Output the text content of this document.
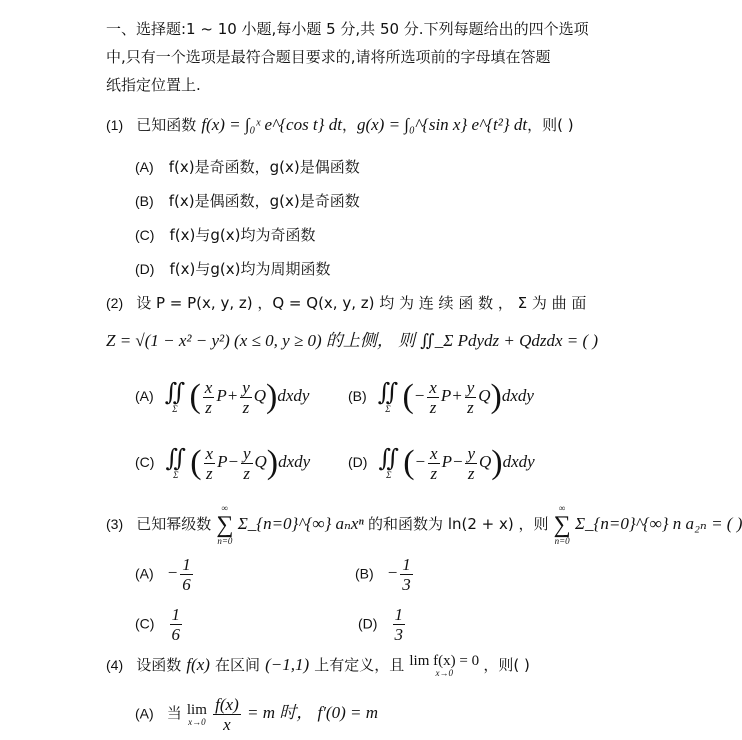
一、选择题:1 ~ 10 小题,每小题 5 分,共 50 分.下列每题给出的四个选项
中,只有一个选项是最符合题目要求的,请将所选项前的字母填在答题
纸指定位置上.
(1) 已知函数 f(x) = ∫₀ˣ e^{cos t} dt，g(x) = ∫₀^{sin x} e^{t²} dt，则( )
(A) f(x)是奇函数，g(x)是偶函数
(B) f(x)是偶函数，g(x)是奇函数
(C) f(x)与g(x)均为奇函数
(D) f(x)与g(x)均为周期函数
(2) 设 P = P(x, y, z) ，Q = Q(x, y, z) 均 为 连 续 函 数 ， Σ 为 曲 面
Z = √(1 − x² − y²) (x ≤ 0, y ≥ 0) 的上侧， 则 ∬_Σ Pdydz + Qdzdx = ( )
(A) ∬
Σ ( $\frac{x}{z} P+ \frac{y}{z}$ Q)dxdy	(B) ∬
Σ (− $\frac{x}{z} P+ \frac{y}{z}$ Q)dxdy
(C) ∬
Σ ( $\frac{x}{z} P- \frac{y}{z}$ Q)dxdy	(D) ∬
Σ (− $\frac{x}{z} P- \frac{y}{z}$ Q)dxdy
(3) 已知幂级数
∞
∑
n=0
Σ_{n=0}^{∞} aₙxⁿ 的和函数为 ln(2 + x) ，则
∞
∑
n=0
Σ_{n=0}^{∞} n a₂ₙ = ( )
$(A) - \frac{1}{6}$	$(B) - \frac{1}{3}$
$(C) \frac{1}{6}$	$(D) \frac{1}{3}$
(4) 设函数 f(x) 在区间 (−1,1) 上有定义，且 lim f(x) = 0
x→0 ，则( )
(A) 当 lim
x→0
$\frac{f(x)}{x} = m$ 时， f′(0) = m
